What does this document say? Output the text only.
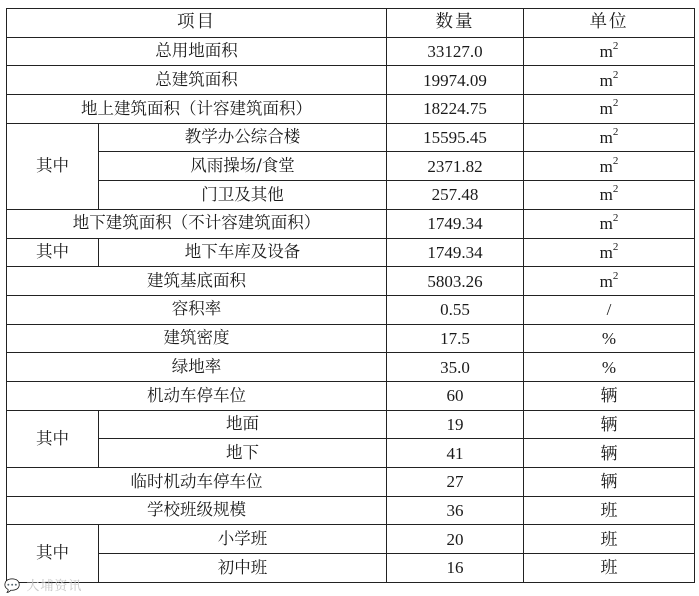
项目		数量	单位
总用地面积		33127.0	$m^2$
总建筑面积		19974.09	$m^2$
地上建筑面积（计容建筑面积）		18224.75	$m^2$
其中	教学办公综合楼	15595.45	$m^2$
	风雨操场/食堂	2371.82	$m^2$
	门卫及其他	257.48	$m^2$
地下建筑面积（不计容建筑面积）		1749.34	$m^2$
其中	地下车库及设备	1749.34	$m^2$
建筑基底面积		5803.26	$m^2$
容积率		0.55	/
建筑密度		17.5	%
绿地率		35.0	%
机动车停车位		60	辆
其中	地面	19	辆
	地下	41	辆
临时机动车停车位		27	辆
学校班级规模		36	班
其中	小学班	20	班
	初中班	16	班
💬 大埔资讯
